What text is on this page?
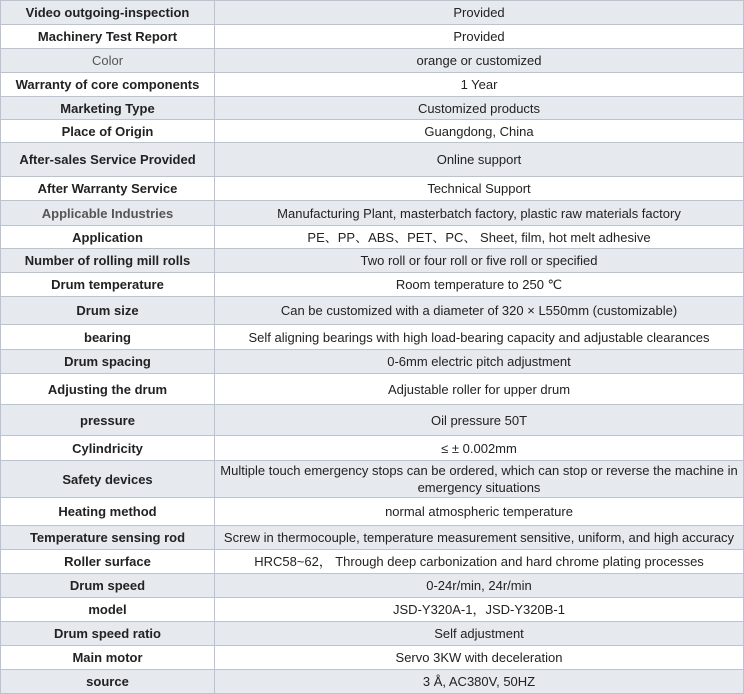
Video outgoing-inspection	Provided
Machinery Test Report	Provided
Color	orange or customized
Warranty of core components	1 Year
Marketing Type	Customized products
Place of Origin	Guangdong, China
After-sales Service Provided	Online support
After Warranty Service	Technical Support
Applicable Industries	Manufacturing Plant, masterbatch factory, plastic raw materials factory
Application	PE、PP、ABS、PET、PC、 Sheet, film, hot melt adhesive
Number of rolling mill rolls	Two roll or four roll or five roll or specified
Drum temperature	Room temperature to 250 ℃
Drum size	Can be customized with a diameter of 320 × L550mm (customizable)
bearing	Self aligning bearings with high load-bearing capacity and adjustable clearances
Drum spacing	0-6mm electric pitch adjustment
Adjusting the drum	Adjustable roller for upper drum
pressure	Oil pressure 50T
Cylindricity	≤ ± 0.002mm
Safety devices	Multiple touch emergency stops can be ordered, which can stop or reverse the machine in emergency situations
Heating method	normal atmospheric temperature
Temperature sensing rod	Screw in thermocouple, temperature measurement sensitive, uniform, and high accuracy
Roller surface	HRC58~62， Through deep carbonization and hard chrome plating processes
Drum speed	0-24r/min, 24r/min
model	JSD-Y320A-1，JSD-Y320B-1
Drum speed ratio	Self adjustment
Main motor	Servo 3KW with deceleration
source	3 Å, AC380V, 50HZ
